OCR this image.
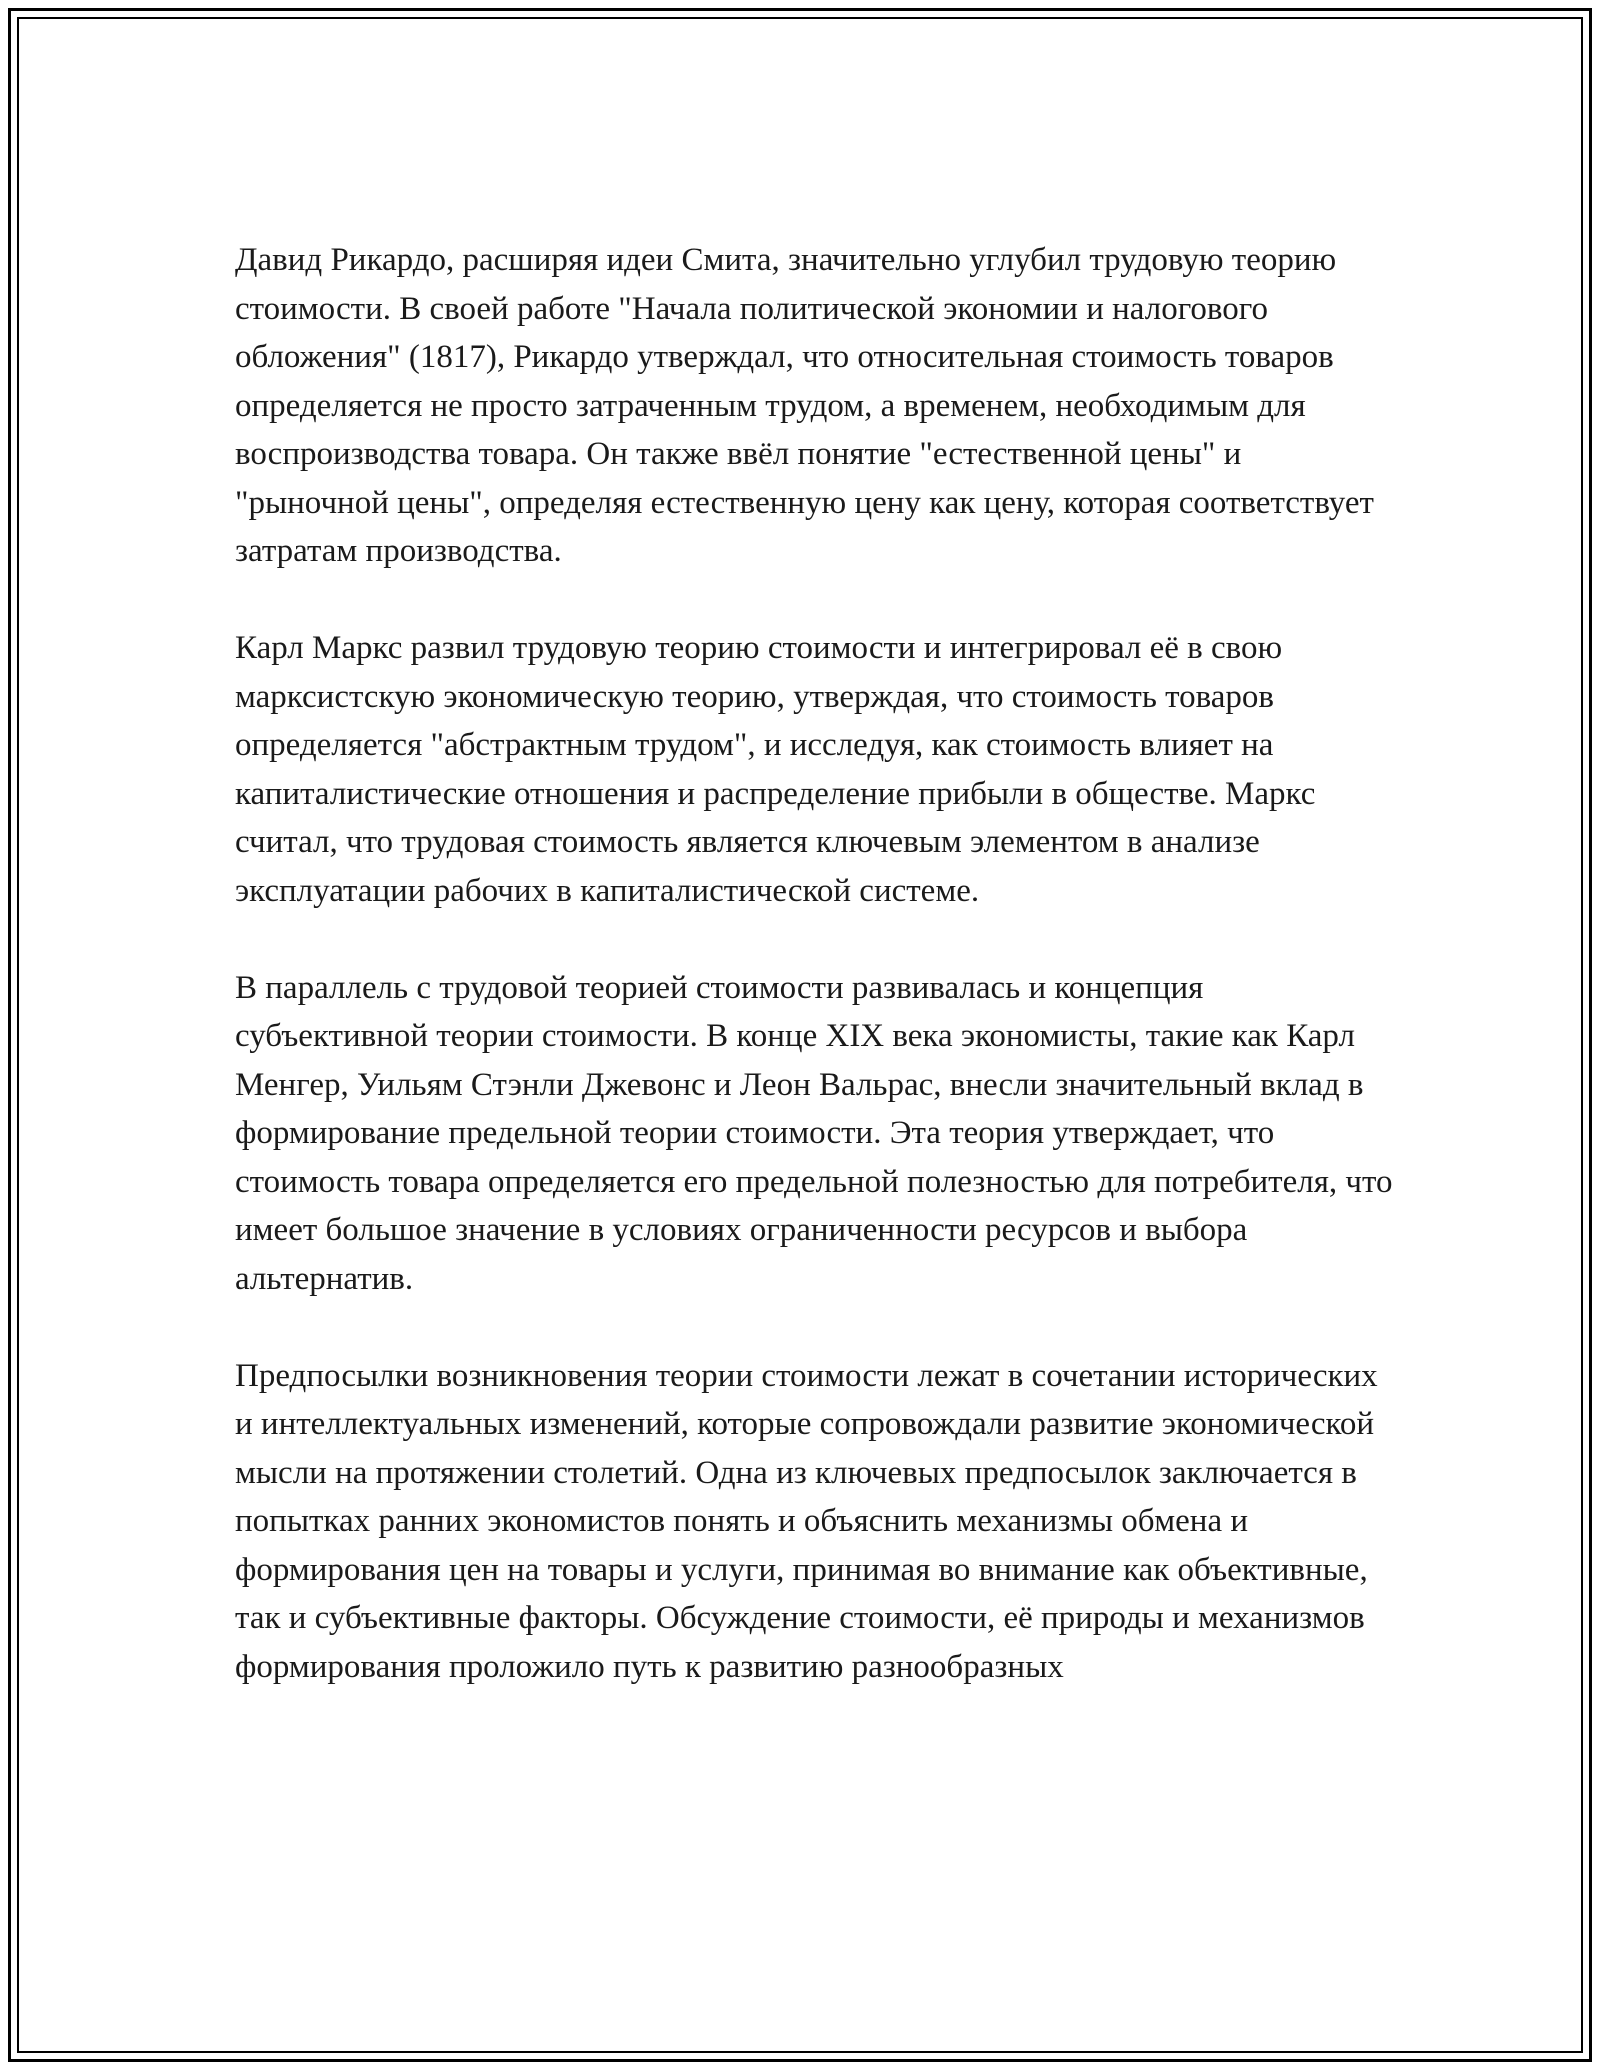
Давид Рикардо, расширяя идеи Смита, значительно углубил трудовую теорию стоимости. В своей работе "Начала политической экономии и налогового обложения" (1817), Рикардо утверждал, что относительная стоимость товаров определяется не просто затраченным трудом, а временем, необходимым для воспроизводства товара. Он также ввёл понятие "естественной цены" и "рыночной цены", определяя естественную цену как цену, которая соответствует затратам производства.

Карл Маркс развил трудовую теорию стоимости и интегрировал её в свою марксистскую экономическую теорию, утверждая, что стоимость товаров определяется "абстрактным трудом", и исследуя, как стоимость влияет на капиталистические отношения и распределение прибыли в обществе. Маркс считал, что трудовая стоимость является ключевым элементом в анализе эксплуатации рабочих в капиталистической системе.

В параллель с трудовой теорией стоимости развивалась и концепция субъективной теории стоимости. В конце XIX века экономисты, такие как Карл Менгер, Уильям Стэнли Джевонс и Леон Вальрас, внесли значительный вклад в формирование предельной теории стоимости. Эта теория утверждает, что стоимость товара определяется его предельной полезностью для потребителя, что имеет большое значение в условиях ограниченности ресурсов и выбора альтернатив.

Предпосылки возникновения теории стоимости лежат в сочетании исторических и интеллектуальных изменений, которые сопровождали развитие экономической мысли на протяжении столетий. Одна из ключевых предпосылок заключается в попытках ранних экономистов понять и объяснить механизмы обмена и формирования цен на товары и услуги, принимая во внимание как объективные, так и субъективные факторы. Обсуждение стоимости, её природы и механизмов формирования проложило путь к развитию разнообразных
